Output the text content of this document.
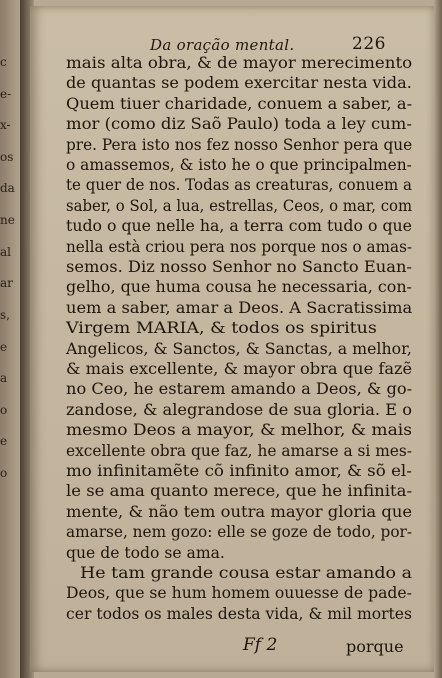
c
e-
x-
os
da
ne
al
ar
s,
e
a
o
e
o
Da oração mental.	226
mais alta obra, & de mayor merecimento
de quantas se podem exercitar nesta vida.
Quem tiuer charidade, conuem a saber, a-
mor (como diz Saõ Paulo) toda a ley cum-
pre. Pera isto nos fez nosso Senhor pera que
o amassemos, & isto he o que principalmen-
te quer de nos. Todas as creaturas, conuem a
saber, o Sol, a lua, estrellas, Ceos, o mar, com
tudo o que nelle ha, a terra com tudo o que
nella està criou pera nos porque nos o amas-
semos. Diz nosso Senhor no Sancto Euan-
gelho, que huma cousa he necessaria, con-
uem a saber, amar a Deos. A Sacratissima
Virgem MARIA, & todos os spiritus
Angelicos, & Sanctos, & Sanctas, a melhor,
& mais excellente, & mayor obra que fazẽ
no Ceo, he estarem amando a Deos, & go-
zandose, & alegrandose de sua gloria. E o
mesmo Deos a mayor, & melhor, & mais
excellente obra que faz, he amarse a si mes-
mo infinitamẽte cõ infinito amor, & sõ el-
le se ama quanto merece, que he infinita-
mente, & não tem outra mayor gloria que
amarse, nem gozo: elle se goze de todo, por-
que de todo se ama.
He tam grande cousa estar amando a
Deos, que se hum homem ouuesse de pade-
cer todos os males desta vida, & mil mortes
Ff 2	porque
